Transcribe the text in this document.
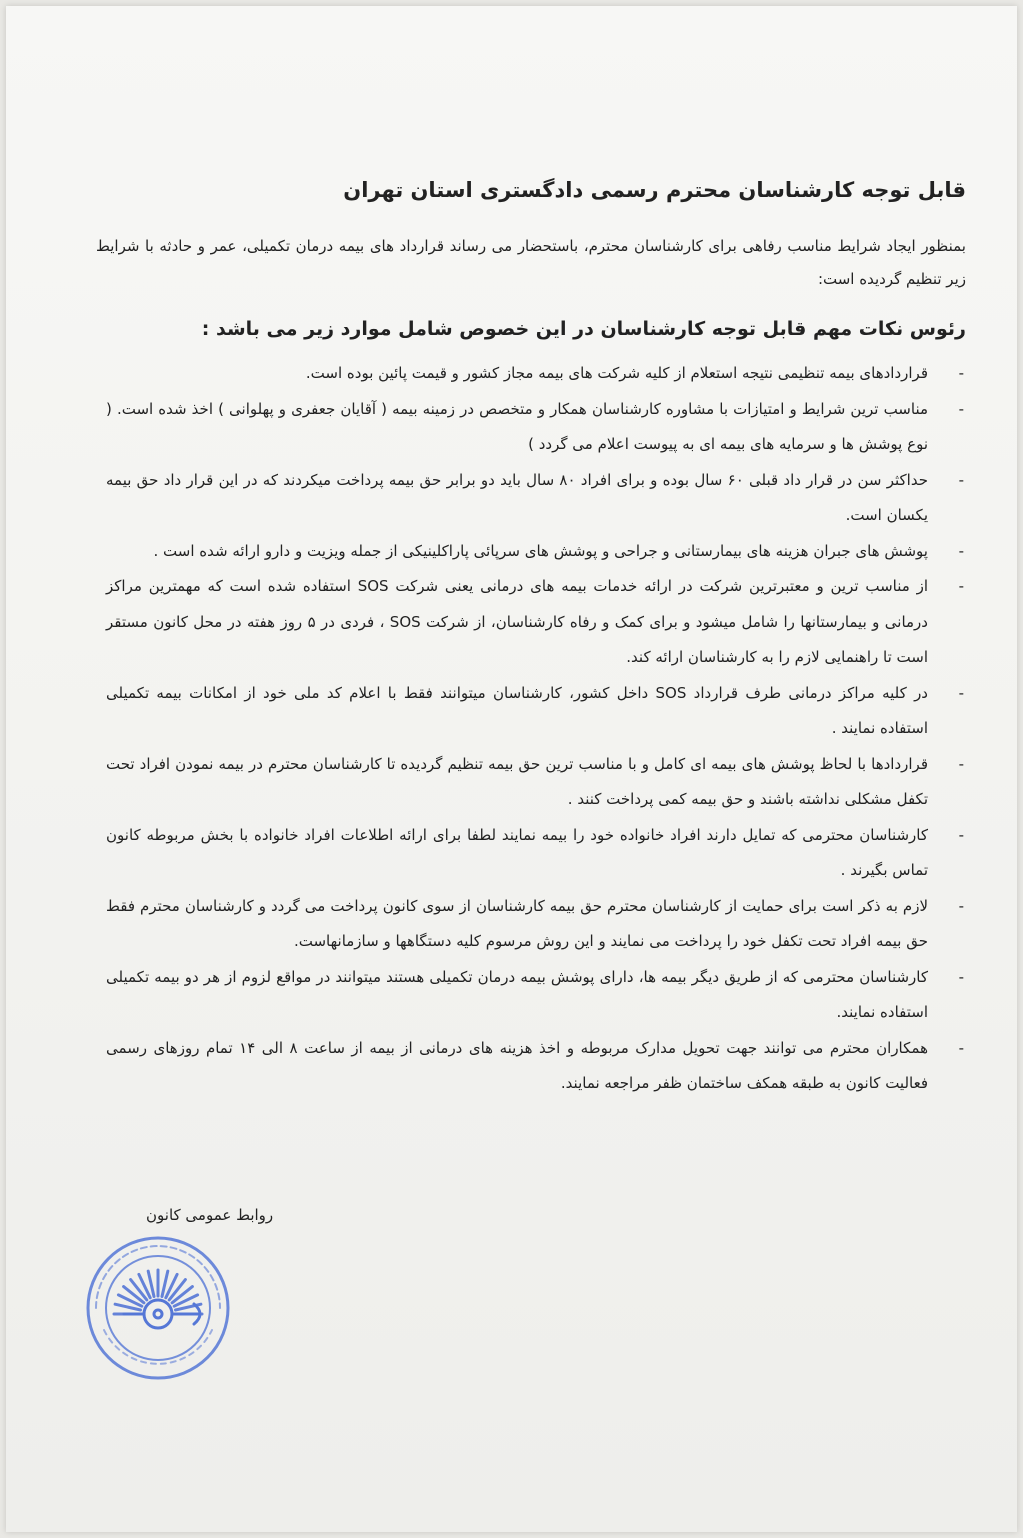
قابل توجه کارشناسان محترم رسمی دادگستری استان تهران

بمنظور ایجاد شرایط مناسب رفاهی برای کارشناسان محترم، باستحضار می رساند قرارداد های بیمه درمان تکمیلی، عمر و حادثه با شرایط زیر تنظیم گردیده است:

رئوس نکات مهم قابل توجه کارشناسان در این خصوص شامل موارد زیر می باشد :
-
قراردادهای بیمه تنظیمی نتیجه استعلام از کلیه شرکت های بیمه مجاز کشور و قیمت پائین بوده است.
-
مناسب ترین شرایط و امتیازات با مشاوره کارشناسان همکار و متخصص در زمینه بیمه ( آقایان جعفری و پهلوانی ) اخذ شده است. ( نوع پوشش ها و سرمایه های بیمه ای به پیوست اعلام می گردد )
-
حداکثر سن در قرار داد قبلی ۶۰ سال بوده و برای افراد ۸۰ سال باید دو برابر حق بیمه پرداخت میکردند که در این قرار داد حق بیمه یکسان است.
-
پوشش های جبران هزینه های بیمارستانی و جراحی و پوشش های سرپائی پاراکلینیکی از جمله ویزیت و دارو ارائه شده است .
-
از مناسب ترین و معتبرترین شرکت در ارائه خدمات بیمه های درمانی یعنی شرکت SOS استفاده شده است که مهمترین مراکز درمانی و بیمارستانها را شامل میشود و برای کمک و رفاه کارشناسان، از شرکت SOS ، فردی در ۵ روز هفته در محل کانون مستقر است تا راهنمایی لازم را به کارشناسان ارائه کند.
-
در کلیه مراکز درمانی طرف قرارداد SOS داخل کشور، کارشناسان میتوانند فقط با اعلام کد ملی خود از امکانات بیمه تکمیلی استفاده نمایند .
-
قراردادها با لحاظ پوشش های بیمه ای کامل و با مناسب ترین حق بیمه تنظیم گردیده تا کارشناسان محترم در بیمه نمودن افراد تحت تکفل مشکلی نداشته باشند و حق بیمه کمی پرداخت کنند .
-
کارشناسان محترمی که تمایل دارند افراد خانواده خود را بیمه نمایند لطفا برای ارائه اطلاعات افراد خانواده با بخش مربوطه کانون تماس بگیرند .
-
لازم به ذکر است برای حمایت از کارشناسان محترم حق بیمه کارشناسان از سوی کانون پرداخت می گردد و کارشناسان محترم فقط حق بیمه افراد تحت تکفل خود را پرداخت می نمایند و این روش مرسوم کلیه دستگاهها و سازمانهاست.
-
کارشناسان محترمی که از طریق دیگر بیمه ها، دارای پوشش بیمه درمان تکمیلی هستند میتوانند در مواقع لزوم از هر دو بیمه تکمیلی استفاده نمایند.
-
همکاران محترم می توانند جهت تحویل مدارک مربوطه و اخذ هزینه های درمانی از بیمه از ساعت ۸ الی ۱۴ تمام روزهای رسمی فعالیت کانون به طبقه همکف ساختمان ظفر مراجعه نمایند.
روابط عمومی کانون
